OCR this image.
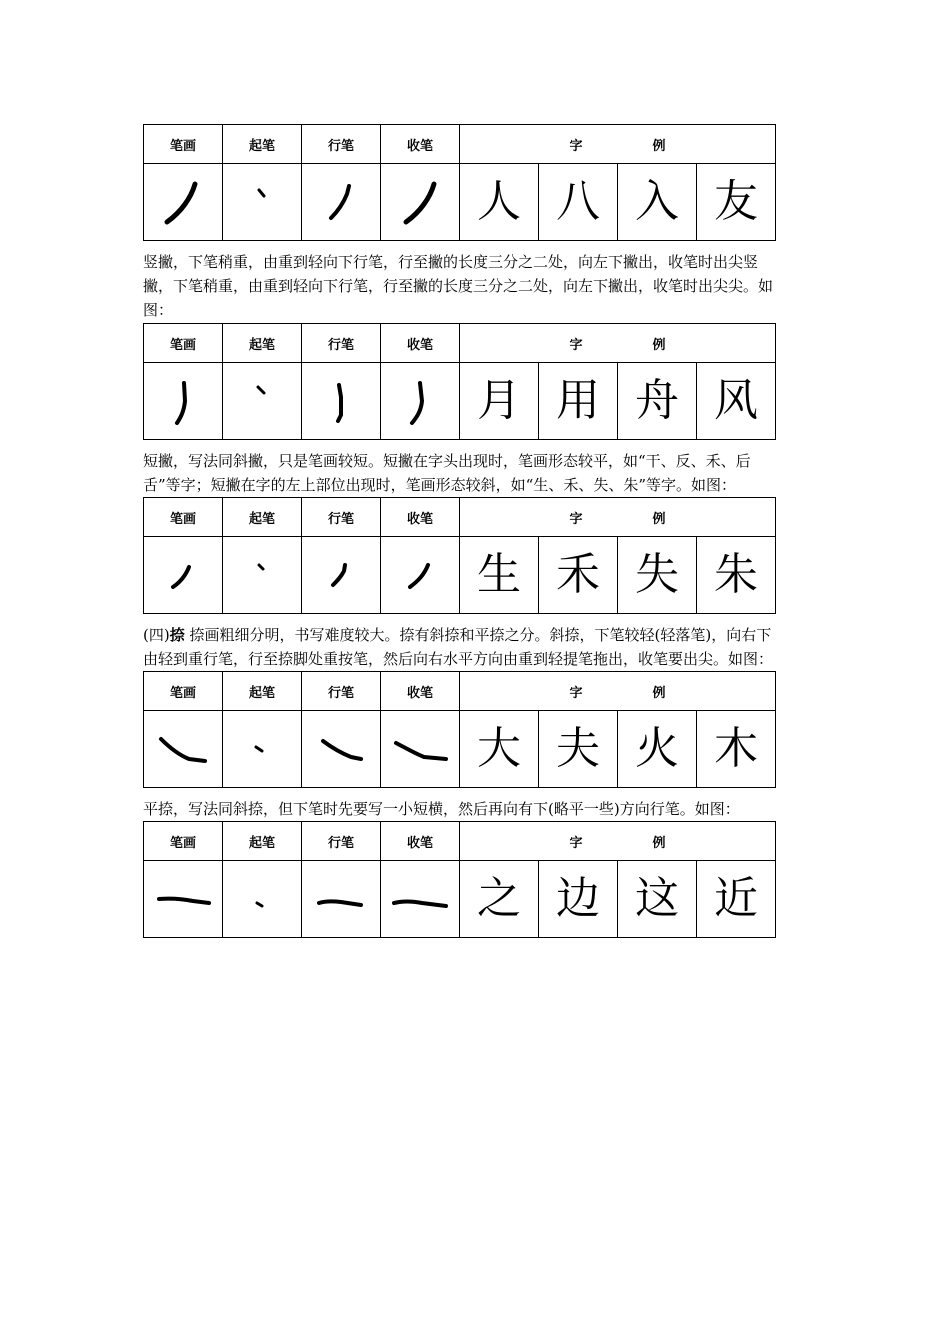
笔画	起笔	行笔	收笔	字 例			

	人	八	入	友

竖撇，下笔稍重，由重到轻向下行笔，行至撇的长度三分之二处，向左下撇出，收笔时出尖竖
撇，下笔稍重，由重到轻向下行笔，行至撇的长度三分之二处，向左下撇出，收笔时出尖尖。如
图：

笔画	起笔	行笔	收笔	字 例			

	月	用	舟	风

短撇，写法同斜撇，只是笔画较短。短撇在字头出现时，笔画形态较平，如“干、反、禾、后
舌”等字；短撇在字的左上部位出现时，笔画形态较斜，如“生、禾、失、朱”等字。如图：

笔画	起笔	行笔	收笔	字 例			

	生	禾	失	朱

(四)捺 捺画粗细分明，书写难度较大。捺有斜捺和平捺之分。斜捺，下笔较轻(轻落笔)，向右下
由轻到重行笔，行至捺脚处重按笔，然后向右水平方向由重到轻提笔拖出，收笔要出尖。如图：

笔画	起笔	行笔	收笔	字 例			

	大	夫	火	木

平捺，写法同斜捺，但下笔时先要写一小短横，然后再向有下(略平一些)方向行笔。如图：

笔画	起笔	行笔	收笔	字 例			

	之	边	这	近
